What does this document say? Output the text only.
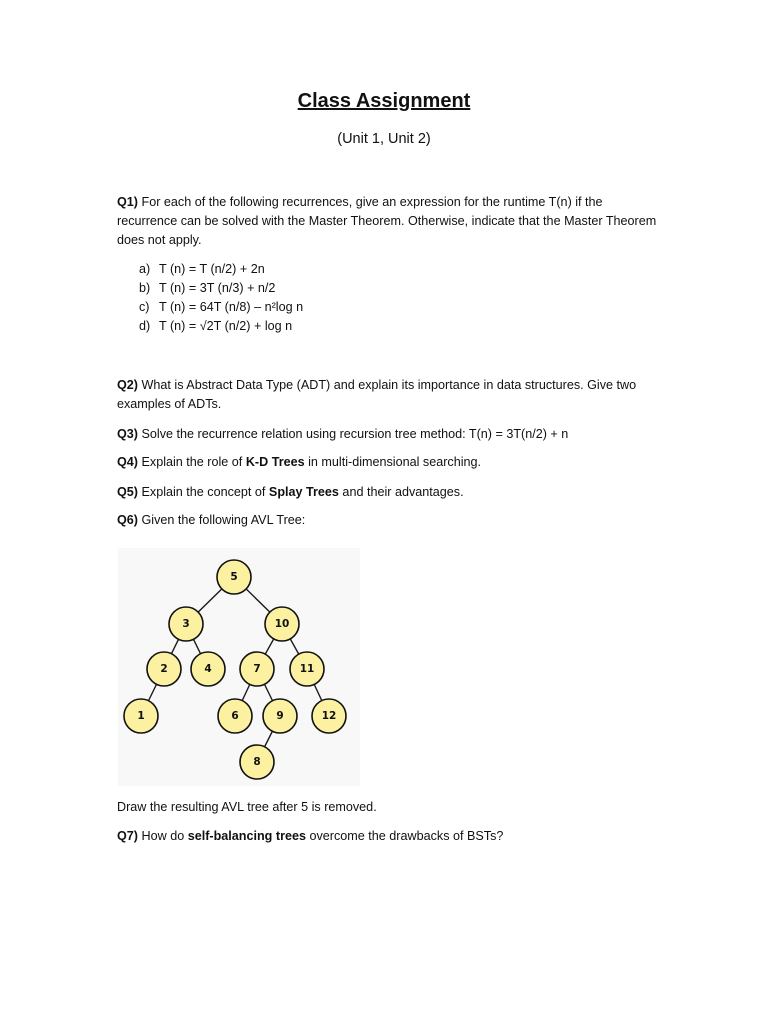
Class Assignment
(Unit 1, Unit 2)
Q1) For each of the following recurrences, give an expression for the runtime T(n) if the recurrence can be solved with the Master Theorem. Otherwise, indicate that the Master Theorem does not apply.
a) T (n) = T (n/2) + 2n
b) T (n) = 3T (n/3) + n/2
c) T (n) = 64T (n/8) – n²log n
d) T (n) = √2T (n/2) + log n
Q2) What is Abstract Data Type (ADT) and explain its importance in data structures. Give two examples of ADTs.
Q3) Solve the recurrence relation using recursion tree method: T(n) = 3T(n/2) + n
Q4) Explain the role of K-D Trees in multi-dimensional searching.
Q5) Explain the concept of Splay Trees and their advantages.
Q6) Given the following AVL Tree:
5
3	10
2	4	7	11
1	6	9	12
8
Draw the resulting AVL tree after 5 is removed.
Q7) How do self-balancing trees overcome the drawbacks of BSTs?
